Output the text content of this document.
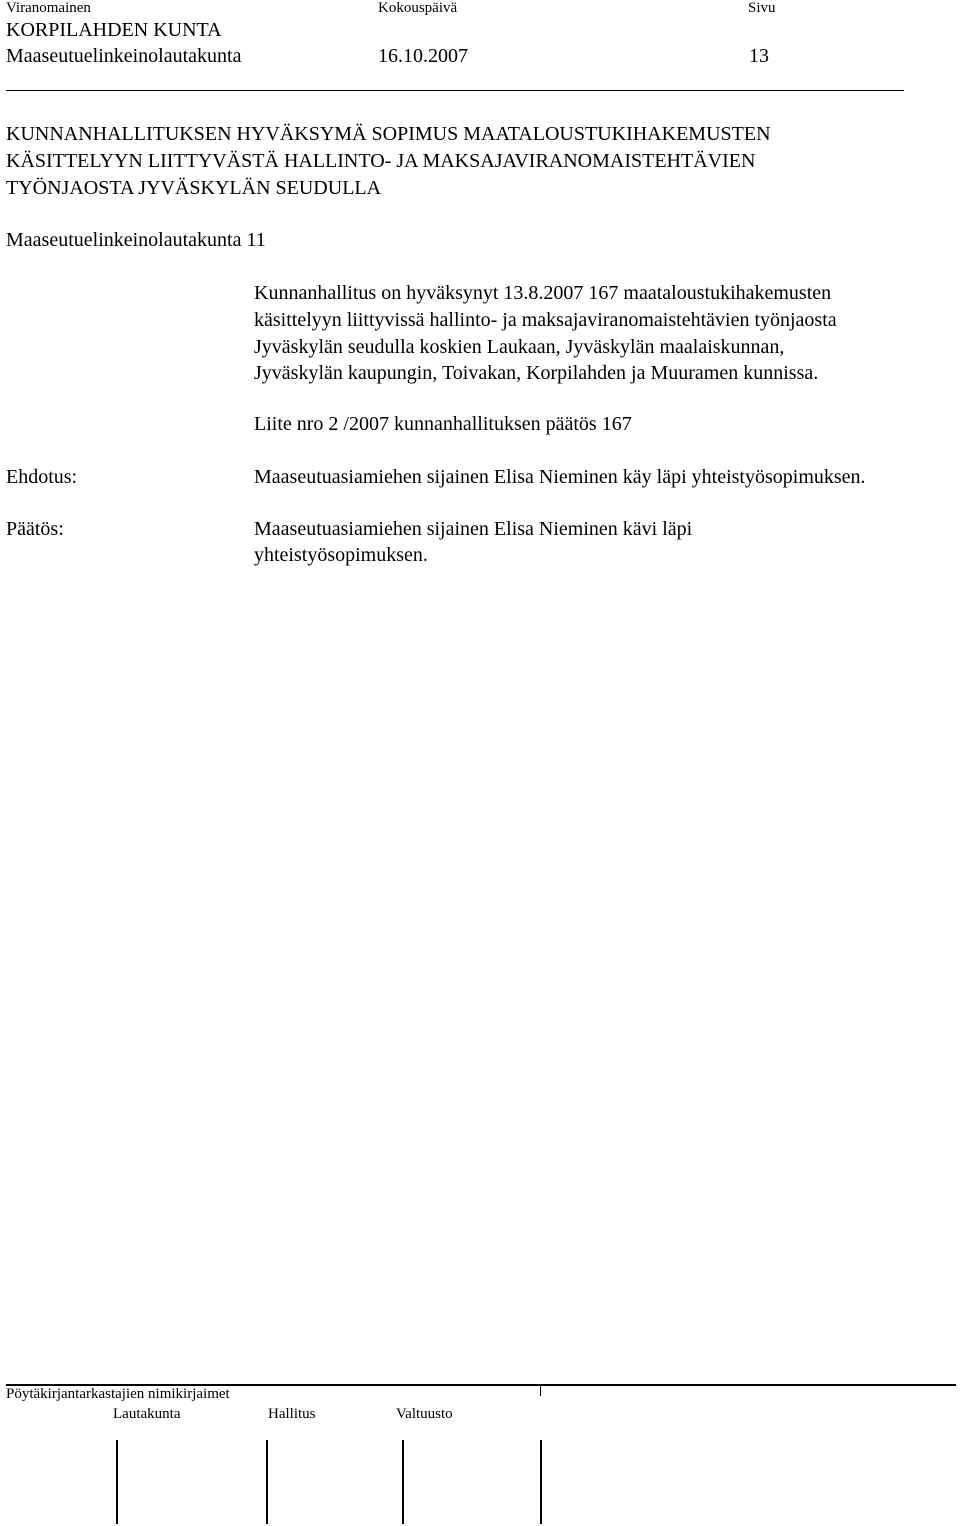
Viranomainen	Kokouspäivä	Sivu
KORPILAHDEN KUNTA
Maaseutuelinkeinolautakunta	16.10.2007	13
KUNNANHALLITUKSEN HYVÄKSYMÄ SOPIMUS MAATALOUSTUKIHAKEMUSTEN
KÄSITTELYYN LIITTYVÄSTÄ HALLINTO- JA MAKSAJAVIRANOMAISTEHTÄVIEN
TYÖNJAOSTA JYVÄSKYLÄN SEUDULLA
Maaseutuelinkeinolautakunta 11
Kunnanhallitus on hyväksynyt 13.8.2007 167 maataloustukihakemusten
käsittelyyn liittyvissä hallinto- ja maksajaviranomaistehtävien työnjaosta
Jyväskylän seudulla koskien Laukaan, Jyväskylän maalaiskunnan,
Jyväskylän kaupungin, Toivakan, Korpilahden ja Muuramen kunnissa.
Liite nro 2 /2007 kunnanhallituksen päätös 167
Ehdotus:	Maaseutuasiamiehen sijainen Elisa Nieminen käy läpi yhteistyösopimuksen.
Päätös:	Maaseutuasiamiehen sijainen Elisa Nieminen kävi läpi
yhteistyösopimuksen.
Pöytäkirjantarkastajien nimikirjaimet
Lautakunta	Hallitus	Valtuusto
